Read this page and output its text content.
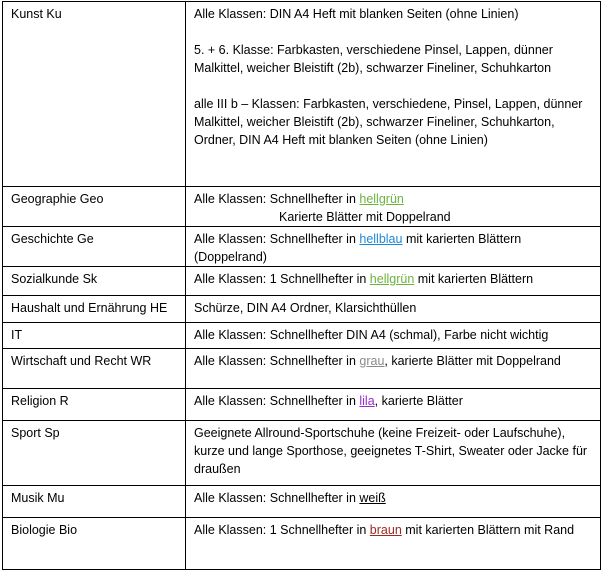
Kunst Ku	Alle Klassen: DIN A4 Heft mit blanken Seiten (ohne Linien)

5. + 6. Klasse: Farbkasten, verschiedene Pinsel, Lappen, dünner Malkittel, weicher Bleistift (2b), schwarzer Fineliner, Schuhkarton

alle III b – Klassen: Farbkasten, verschiedene, Pinsel, Lappen, dünner Malkittel, weicher Bleistift (2b), schwarzer Fineliner, Schuhkarton, Ordner, DIN A4 Heft mit blanken Seiten (ohne Linien)

Geographie Geo	Alle Klassen: Schnellhefter in hellgrün
Karierte Blätter mit Doppelrand

Geschichte Ge	Alle Klassen: Schnellhefter in hellblau mit karierten Blättern (Doppelrand)
Sozialkunde Sk	Alle Klassen: 1 Schnellhefter in hellgrün mit karierten Blättern
Haushalt und Ernährung HE	Schürze, DIN A4 Ordner, Klarsichthüllen
IT	Alle Klassen: Schnellhefter DIN A4 (schmal), Farbe nicht wichtig
Wirtschaft und Recht WR	Alle Klassen: Schnellhefter in grau, karierte Blätter mit Doppelrand
Religion R	Alle Klassen: Schnellhefter in lila, karierte Blätter
Sport Sp	Geeignete Allround-Sportschuhe (keine Freizeit- oder Laufschuhe), kurze und lange Sporthose, geeignetes T-Shirt, Sweater oder Jacke für draußen
Musik Mu	Alle Klassen: Schnellhefter in weiß
Biologie Bio	Alle Klassen: 1 Schnellhefter in braun mit karierten Blättern mit Rand
